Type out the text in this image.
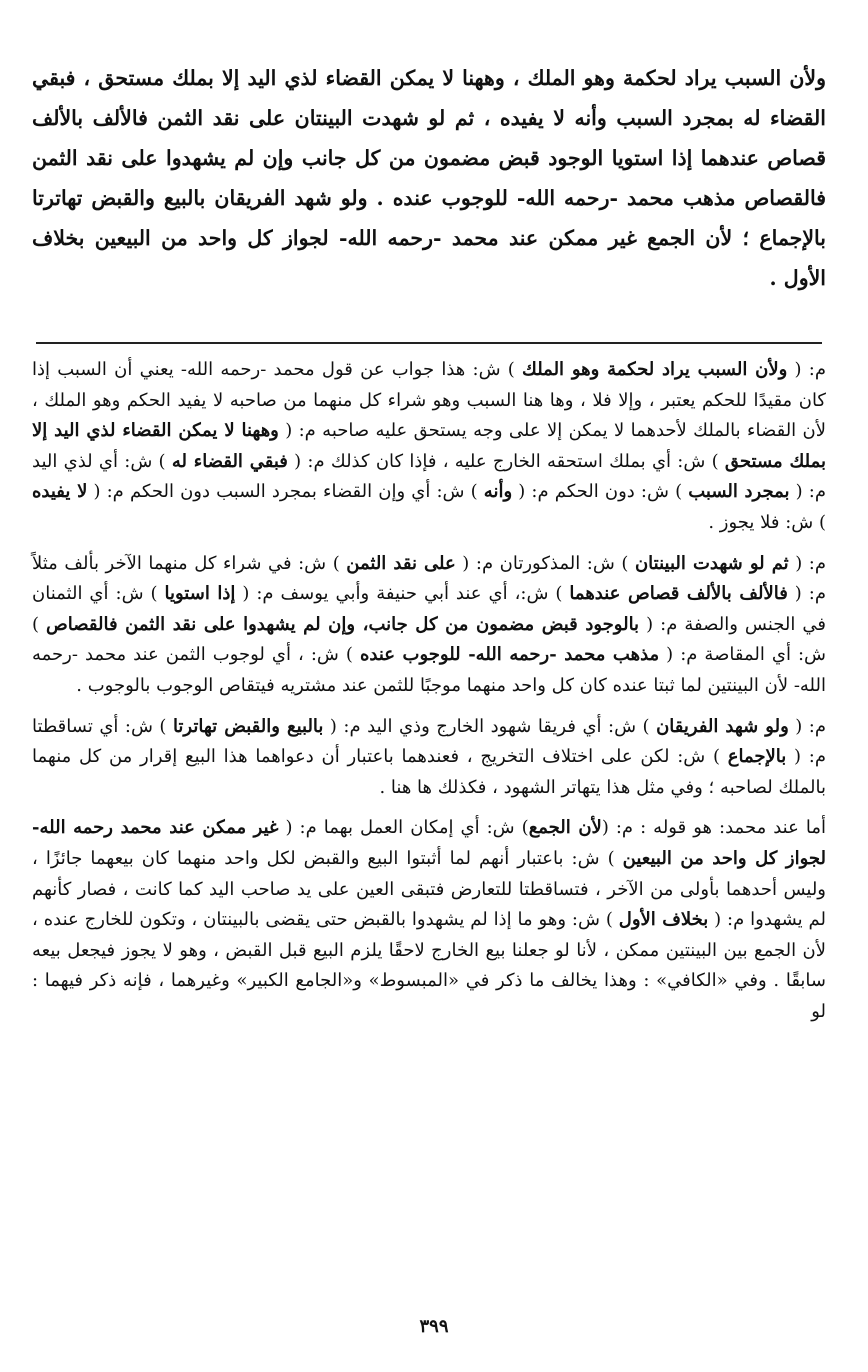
ولأن السبب يراد لحكمة وهو الملك ، وههنا لا يمكن القضاء لذي اليد إلا بملك مستحق ، فبقي القضاء له بمجرد السبب وأنه لا يفيده ، ثم لو شهدت البينتان على نقد الثمن فالألف بالألف قصاص عندهما إذا استويا الوجود قبض مضمون من كل جانب وإن لم يشهدوا على نقد الثمن فالقصاص مذهب محمد -رحمه الله- للوجوب عنده . ولو شهد الفريقان بالبيع والقبض تهاترتا بالإجماع ؛ لأن الجمع غير ممكن عند محمد -رحمه الله- لجواز كل واحد من البيعين بخلاف الأول .

م: ( ولأن السبب يراد لحكمة وهو الملك ) ش: هذا جواب عن قول محمد -رحمه الله- يعني أن السبب إذا كان مقيدًا للحكم يعتبر ، وإلا فلا ، وها هنا السبب وهو شراء كل منهما من صاحبه لا يفيد الحكم وهو الملك ، لأن القضاء بالملك لأحدهما لا يمكن إلا على وجه يستحق عليه صاحبه م: ( وههنا لا يمكن القضاء لذي اليد إلا بملك مستحق ) ش: أي بملك استحقه الخارج عليه ، فإذا كان كذلك م: ( فبقي القضاء له ) ش: أي لذي اليد م: ( بمجرد السبب ) ش: دون الحكم م: ( وأنه ) ش: أي وإن القضاء بمجرد السبب دون الحكم م: ( لا يفيده ) ش: فلا يجوز .

م: ( ثم لو شهدت البينتان ) ش: المذكورتان م: ( على نقد الثمن ) ش: في شراء كل منهما الآخر بألف مثلاً م: ( فالألف بالألف قصاص عندهما ) ش:، أي عند أبي حنيفة وأبي يوسف م: ( إذا استويا ) ش: أي الثمنان في الجنس والصفة م: ( بالوجود قبض مضمون من كل جانب، وإن لم يشهدوا على نقد الثمن فالقصاص ) ش: أي المقاصة م: ( مذهب محمد -رحمه الله- للوجوب عنده ) ش: ، أي لوجوب الثمن عند محمد -رحمه الله- لأن البينتين لما ثبتا عنده كان كل واحد منهما موجبًا للثمن عند مشتريه فيتقاص الوجوب بالوجوب .

م: ( ولو شهد الفريقان ) ش: أي فريقا شهود الخارج وذي اليد م: ( بالبيع والقبض تهاترتا ) ش: أي تساقطتا م: ( بالإجماع ) ش: لكن على اختلاف التخريج ، فعندهما باعتبار أن دعواهما هذا البيع إقرار من كل منهما بالملك لصاحبه ؛ وفي مثل هذا يتهاتر الشهود ، فكذلك ها هنا .

أما عند محمد: هو قوله : م: (لأن الجمع) ش: أي إمكان العمل بهما م: ( غير ممكن عند محمد رحمه الله- لجواز كل واحد من البيعين ) ش: باعتبار أنهم لما أثبتوا البيع والقبض لكل واحد منهما كان بيعهما جائزًا ، وليس أحدهما بأولى من الآخر ، فتساقطتا للتعارض فتبقى العين على يد صاحب اليد كما كانت ، فصار كأنهم لم يشهدوا م: ( بخلاف الأول ) ش: وهو ما إذا لم يشهدوا بالقبض حتى يقضى بالبينتان ، وتكون للخارج عنده ، لأن الجمع بين البينتين ممكن ، لأنا لو جعلنا بيع الخارج لاحقًا يلزم البيع قبل القبض ، وهو لا يجوز فيجعل بيعه سابقًا . وفي «الكافي» : وهذا يخالف ما ذكر في «المبسوط» و«الجامع الكبير» وغيرهما ، فإنه ذكر فيهما : لو

٣٩٩
